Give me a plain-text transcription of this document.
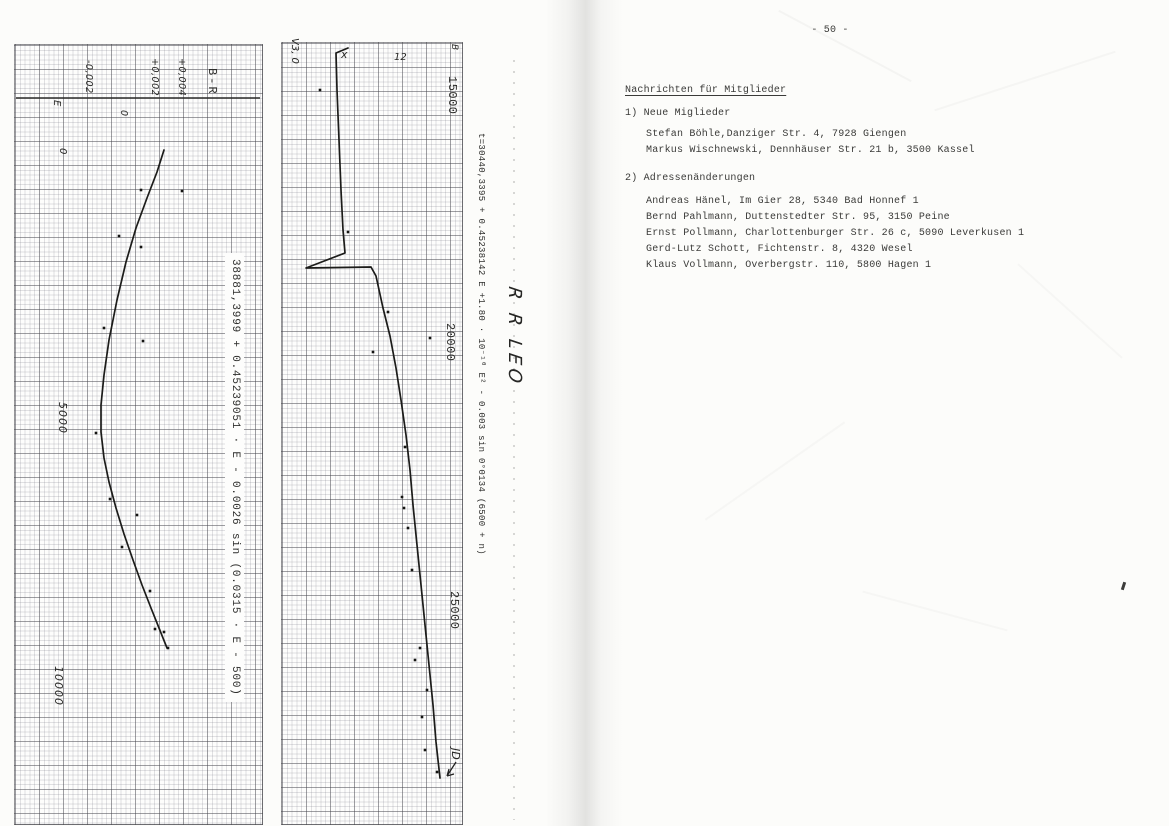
B-R
-0,002
0
+0,002 +0,004
E
0
5000
10000	38881,3999 + 0.45239051 · E - 0.0026 sin (0.0315 · E - 500)
V3, 0	x	12
B
15000
20000
25000
JD
t=30440,3395 + 0.45238142 E +1.80 · 10⁻¹⁰ E² - 0.003 sin 0°0134 (6500 + n) R R LEO
- 50 -
Nachrichten für Mitglieder
1) Neue Miglieder
Stefan Böhle,Danziger Str. 4, 7928 Giengen
Markus Wischnewski, Dennhäuser Str. 21 b, 3500 Kassel
2) Adressenänderungen
Andreas Hänel, Im Gier 28, 5340 Bad Honnef 1
Bernd Pahlmann, Duttenstedter Str. 95, 3150 Peine
Ernst Pollmann, Charlottenburger Str. 26 c, 5090 Leverkusen 1
Gerd-Lutz Schott, Fichtenstr. 8, 4320 Wesel
Klaus Vollmann, Overbergstr. 110, 5800 Hagen 1
